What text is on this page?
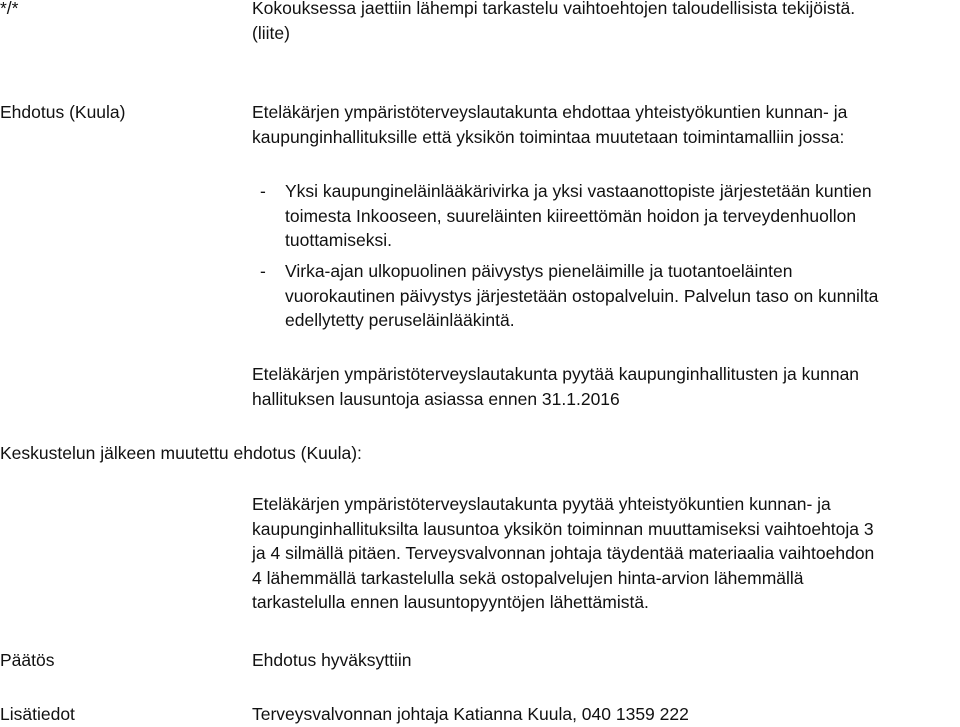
*/*	Kokouksessa jaettiin lähempi tarkastelu vaihtoehtojen taloudellisista tekijöistä.
(liite)
Ehdotus (Kuula)	Eteläkärjen ympäristöterveyslautakunta ehdottaa yhteistyökuntien kunnan- ja
kaupunginhallituksille että yksikön toimintaa muutetaan toimintamalliin jossa:
- Yksi kaupungineläinlääkärivirka ja yksi vastaanottopiste järjestetään kuntien
toimesta Inkooseen, suureläinten kiireettömän hoidon ja terveydenhuollon
tuottamiseksi.
- Virka-ajan ulkopuolinen päivystys pieneläimille ja tuotantoeläinten
vuorokautinen päivystys järjestetään ostopalveluin. Palvelun taso on kunnilta
edellytetty peruseläinlääkintä.
Eteläkärjen ympäristöterveyslautakunta pyytää kaupunginhallitusten ja kunnan
hallituksen lausuntoja asiassa ennen 31.1.2016
Keskustelun jälkeen muutettu ehdotus (Kuula):
Eteläkärjen ympäristöterveyslautakunta pyytää yhteistyökuntien kunnan- ja
kaupunginhallituksilta lausuntoa yksikön toiminnan muuttamiseksi vaihtoehtoja 3
ja 4 silmällä pitäen. Terveysvalvonnan johtaja täydentää materiaalia vaihtoehdon
4 lähemmällä tarkastelulla sekä ostopalvelujen hinta-arvion lähemmällä
tarkastelulla ennen lausuntopyyntöjen lähettämistä.
Päätös	Ehdotus hyväksyttiin
Lisätiedot	Terveysvalvonnan johtaja Katianna Kuula, 040 1359 222
